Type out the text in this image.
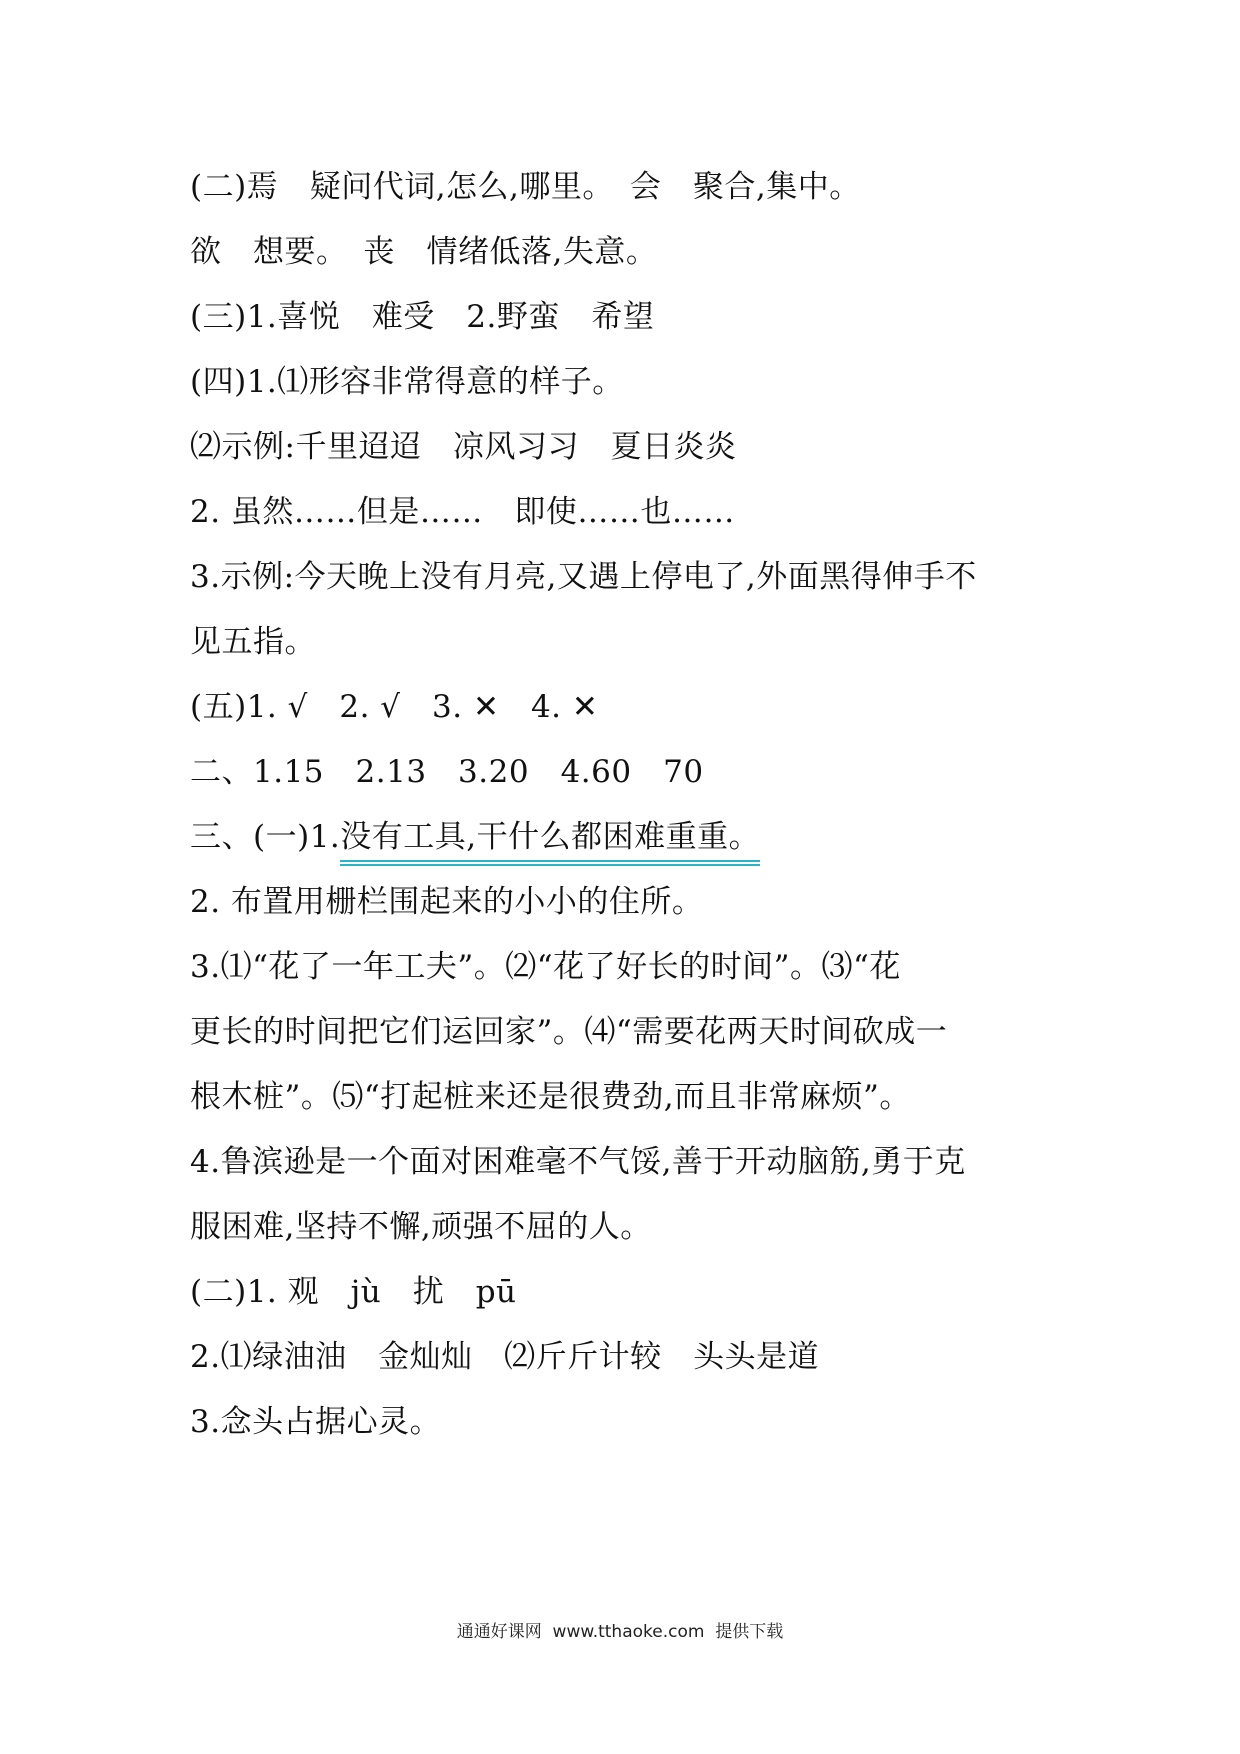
(二)焉　疑问代词,怎么,哪里。　会　聚合,集中。
欲　想要。　丧　情绪低落,失意。
(三)1.喜悦　难受　2.野蛮　希望
(四)1.⑴形容非常得意的样子。
⑵示例:千里迢迢　凉风习习　夏日炎炎
2. 虽然……但是……　即使……也……
3.示例:今天晚上没有月亮,又遇上停电了,外面黑得伸手不
见五指。
(五)1. √　2. √　3. ✕　4. ✕
二、1.15　2.13　3.20　4.60　70
三、(一)1.没有工具,干什么都困难重重。
2. 布置用栅栏围起来的小小的住所。
3.⑴“花了一年工夫”。⑵“花了好长的时间”。⑶“花
更长的时间把它们运回家”。⑷“需要花两天时间砍成一
根木桩”。⑸“打起桩来还是很费劲,而且非常麻烦”。
4.鲁滨逊是一个面对困难毫不气馁,善于开动脑筋,勇于克
服困难,坚持不懈,顽强不屈的人。
(二)1. 观　jù　扰　pū
2.⑴绿油油　金灿灿　⑵斤斤计较　头头是道
3.念头占据心灵。
通通好课网  www.tthaoke.com  提供下载
